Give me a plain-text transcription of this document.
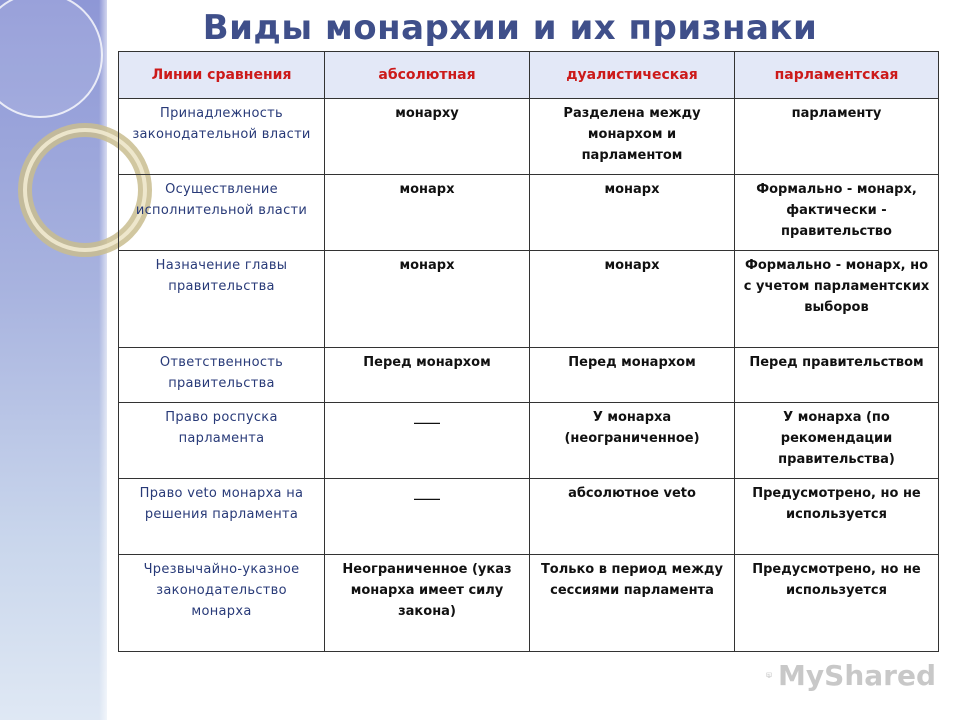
Виды монархии и их признаки
Линии сравнения	абсолютная	дуалистическая	парламентская
Принадлежность законодательной власти	монарху	Разделена между монархом и парламентом	парламенту
Осуществление исполнительной власти	монарх	монарх	Формально - монарх, фактически - правительство
Назначение главы правительства	монарх	монарх	Формально - монарх, но с учетом парламентских выборов
Ответственность правительства	Перед монархом	Перед монархом	Перед правительством
Право роспуска парламента	____	У монарха (неограниченное)	У монарха (по рекомендации правительства)
Право veto монарха на решения парламента	____	абсолютное veto	Предусмотрено, но не используется
Чрезвычайно-указное законодательство монарха	Неограниченное (указ монарха имеет силу закона)	Только в период между сессиями парламента	Предусмотрено, но не используется
MyShared
